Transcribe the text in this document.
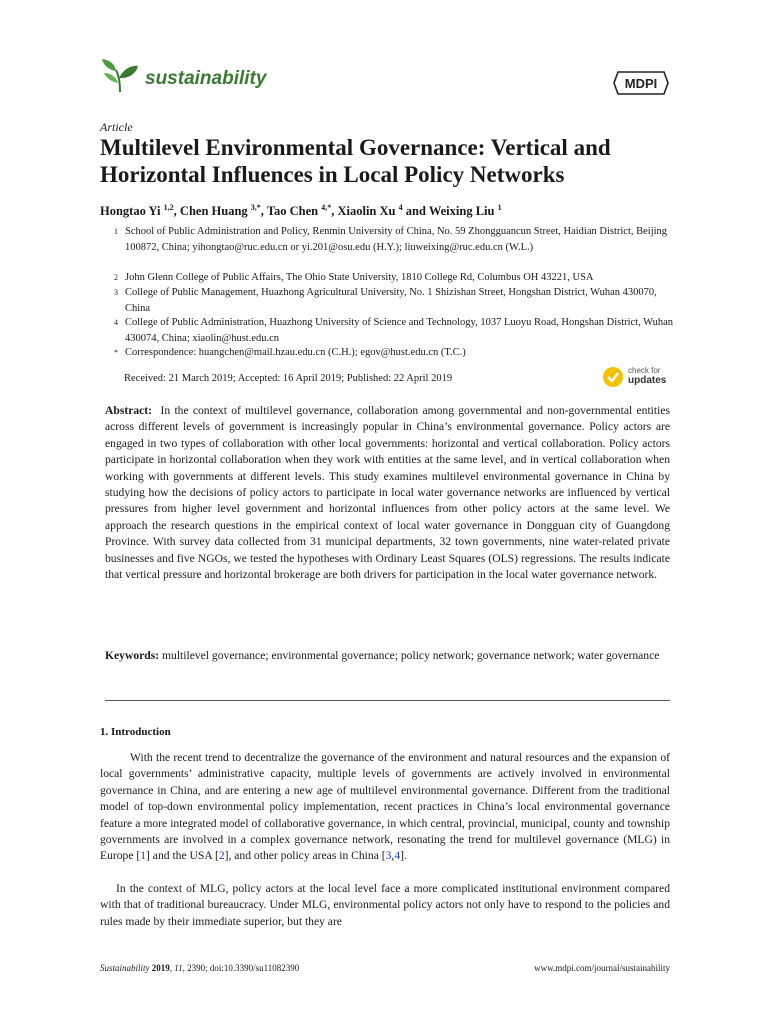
sustainability	MDPI
Article
Multilevel Environmental Governance: Vertical and Horizontal Influences in Local Policy Networks
Hongtao Yi $^{1,2}$, Chen Huang $^{3,*}$, Tao Chen $^{4,*}$, Xiaolin Xu $^4$ and Weixing Liu $^1$
1 School of Public Administration and Policy, Renmin University of China, No. 59 Zhongguancun Street, Haidian District, Beijing 100872, China; yihongtao@ruc.edu.cn or yi.201@osu.edu (H.Y.); liuweixing@ruc.edu.cn (W.L.)
2 John Glenn College of Public Affairs, The Ohio State University, 1810 College Rd, Columbus OH 43221, USA
3 College of Public Management, Huazhong Agricultural University, No. 1 Shizishan Street, Hongshan District, Wuhan 430070, China
4 College of Public Administration, Huazhong University of Science and Technology, 1037 Luoyu Road, Hongshan District, Wuhan 430074, China; xiaolin@hust.edu.cn
* Correspondence: huangchen@mail.hzau.edu.cn (C.H.); egov@hust.edu.cn (T.C.)
Received: 21 March 2019; Accepted: 16 April 2019; Published: 22 April 2019
check for
updates
Abstract: In the context of multilevel governance, collaboration among governmental and non-governmental entities across different levels of government is increasingly popular in China’s environmental governance. Policy actors are engaged in two types of collaboration with other local governments: horizontal and vertical collaboration. Policy actors participate in horizontal collaboration when they work with entities at the same level, and in vertical collaboration when working with governments at different levels. This study examines multilevel environmental governance in China by studying how the decisions of policy actors to participate in local water governance networks are influenced by vertical pressures from higher level government and horizontal influences from other policy actors at the same level. We approach the research questions in the empirical context of local water governance in Dongguan city of Guangdong Province. With survey data collected from 31 municipal departments, 32 town governments, nine water-related private businesses and five NGOs, we tested the hypotheses with Ordinary Least Squares (OLS) regressions. The results indicate that vertical pressure and horizontal brokerage are both drivers for participation in the local water governance network.
Keywords: multilevel governance; environmental governance; policy network; governance network; water governance
1. Introduction
With the recent trend to decentralize the governance of the environment and natural resources and the expansion of local governments’ administrative capacity, multiple levels of governments are actively involved in environmental governance in China, and are entering a new age of multilevel environmental governance. Different from the traditional model of top-down environmental policy implementation, recent practices in China’s local environmental governance feature a more integrated model of collaborative governance, in which central, provincial, municipal, county and township governments are involved in a complex governance network, resonating the trend for multilevel governance (MLG) in Europe [1] and the USA [2], and other policy areas in China [3,4].
In the context of MLG, policy actors at the local level face a more complicated institutional environment compared with that of traditional bureaucracy. Under MLG, environmental policy actors not only have to respond to the policies and rules made by their immediate superior, but they are
Sustainability 2019, 11, 2390; doi:10.3390/su11082390	www.mdpi.com/journal/sustainability
